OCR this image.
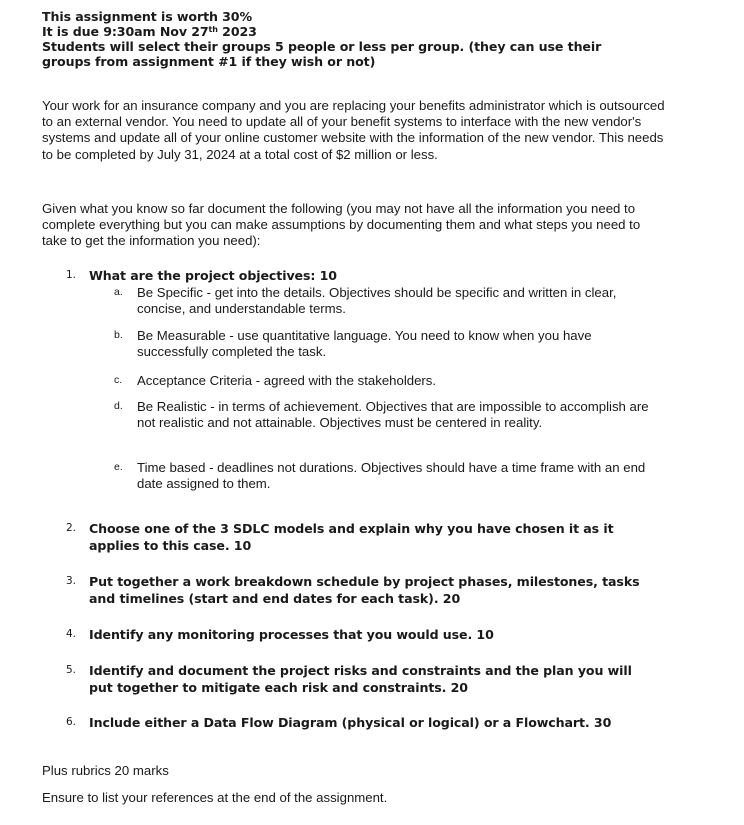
This assignment is worth 30%
It is due 9:30am Nov 27th 2023
Students will select their groups 5 people or less per group. (they can use their groups from assignment #1 if they wish or not)

Your work for an insurance company and you are replacing your benefits administrator which is outsourced to an external vendor. You need to update all of your benefit systems to interface with the new vendor's systems and update all of your online customer website with the information of the new vendor. This needs to be completed by July 31, 2024 at a total cost of $2 million or less.

Given what you know so far document the following (you may not have all the information you need to complete everything but you can make assumptions by documenting them and what steps you need to take to get the information you need):

1. What are the project objectives: 10
a. Be Specific - get into the details. Objectives should be specific and written in clear, concise, and understandable terms.
b. Be Measurable - use quantitative language. You need to know when you have successfully completed the task.
c. Acceptance Criteria - agreed with the stakeholders.
d. Be Realistic - in terms of achievement. Objectives that are impossible to accomplish are not realistic and not attainable. Objectives must be centered in reality.
e. Time based - deadlines not durations. Objectives should have a time frame with an end date assigned to them.
2. Choose one of the 3 SDLC models and explain why you have chosen it as it applies to this case. 10
3. Put together a work breakdown schedule by project phases, milestones, tasks and timelines (start and end dates for each task). 20
4. Identify any monitoring processes that you would use. 10
5. Identify and document the project risks and constraints and the plan you will put together to mitigate each risk and constraints. 20
6. Include either a Data Flow Diagram (physical or logical) or a Flowchart. 30
Plus rubrics 20 marks
Ensure to list your references at the end of the assignment.
